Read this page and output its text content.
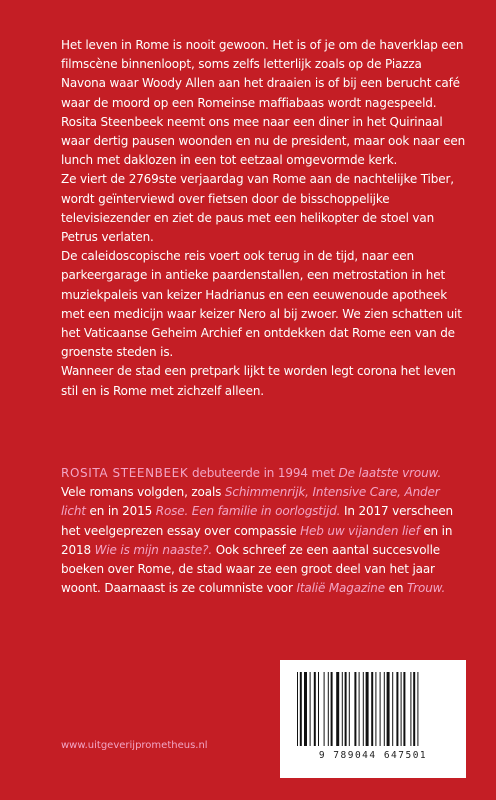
Het leven in Rome is nooit gewoon. Het is of je om de haverklap een filmscène binnenloopt, soms zelfs letterlijk zoals op de Piazza Navona waar Woody Allen aan het draaien is of bij een berucht café waar de moord op een Romeinse maffiabaas wordt nagespeeld.

Rosita Steenbeek neemt ons mee naar een diner in het Quirinaal waar dertig pausen woonden en nu de president, maar ook naar een lunch met daklozen in een tot eetzaal omgevormde kerk.

Ze viert de 2769ste verjaardag van Rome aan de nachtelijke Tiber, wordt geïnterviewd over fietsen door de bisschoppelijke televisiezender en ziet de paus met een helikopter de stoel van Petrus verlaten.

De caleidoscopische reis voert ook terug in de tijd, naar een parkeergarage in antieke paardenstallen, een metrostation in het muziekpaleis van keizer Hadrianus en een eeuwenoude apotheek met een medicijn waar keizer Nero al bij zwoer. We zien schatten uit het Vaticaanse Geheim Archief en ontdekken dat Rome een van de groenste steden is.

Wanneer de stad een pretpark lijkt te worden legt corona het leven stil en is Rome met zichzelf alleen.

ROSITA STEENBEEK debuteerde in 1994 met De laatste vrouw. Vele romans volgden, zoals Schimmenrijk, Intensive Care, Ander licht en in 2015 Rose. Een familie in oorlogstijd. In 2017 verscheen het veelgeprezen essay over compassie Heb uw vijanden lief en in 2018 Wie is mijn naaste?. Ook schreef ze een aantal succesvolle boeken over Rome, de stad waar ze een groot deel van het jaar woont. Daarnaast is ze columniste voor Italië Magazine en Trouw.

9 789044 647501
www.uitgeverijprometheus.nl
